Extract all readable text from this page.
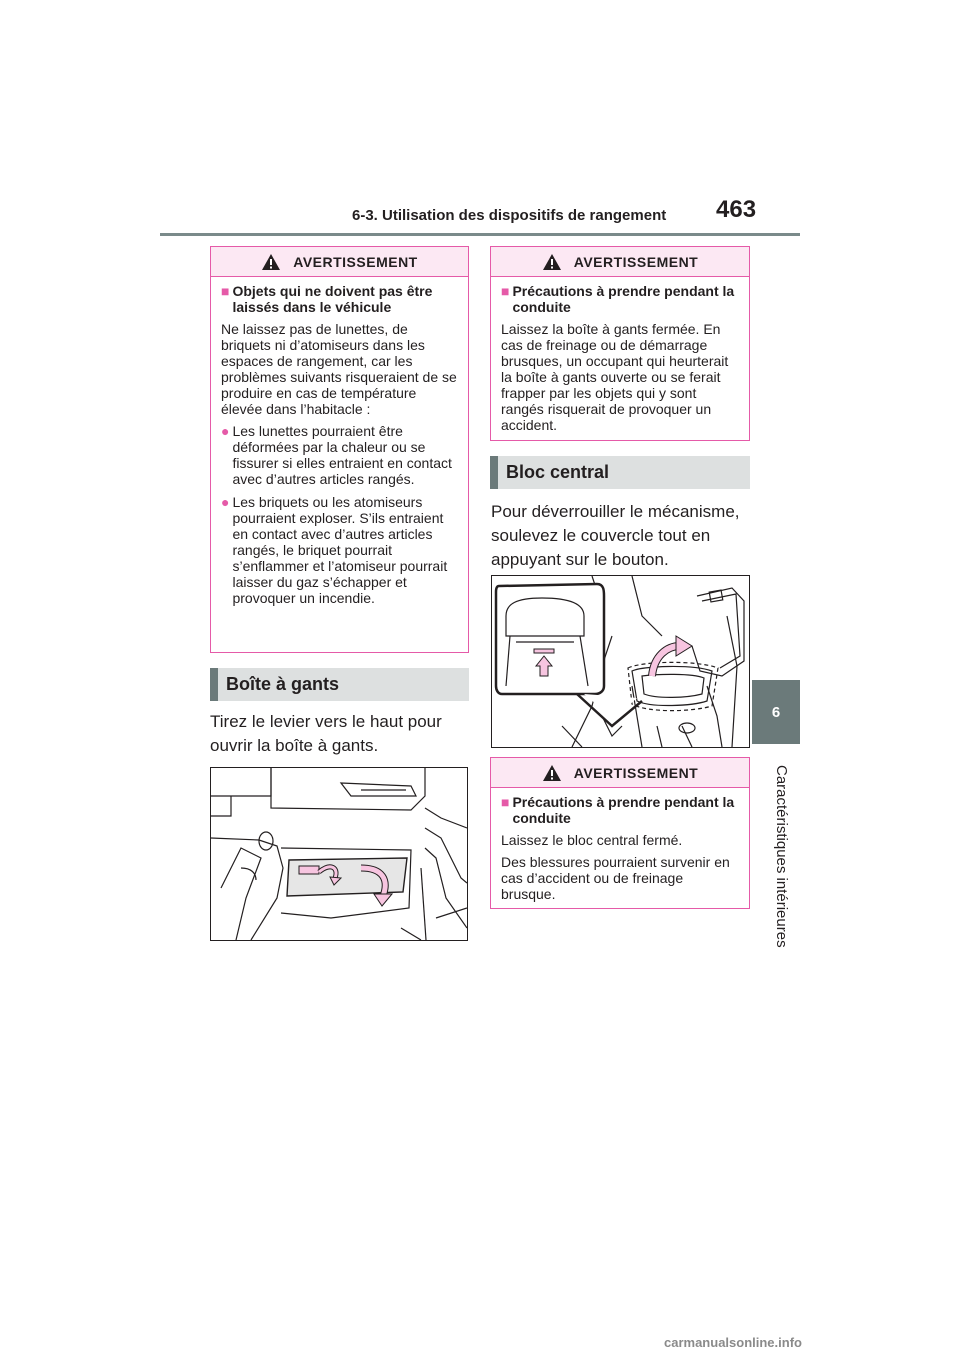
6-3. Utilisation des dispositifs de rangement 463
6
Caractéristiques intérieures
AVERTISSEMENT
■ Objets qui ne doivent pas être laissés dans le véhicule

Ne laissez pas de lunettes, de briquets ni d’atomiseurs dans les espaces de rangement, car les problèmes suivants risqueraient de se produire en cas de température élevée dans l’habitacle :

● Les lunettes pourraient être déformées par la chaleur ou se fissurer si elles entraient en contact avec d’autres articles rangés.
● Les briquets ou les atomiseurs pourraient exploser. S’ils entraient en contact avec d’autres articles rangés, le briquet pourrait s’enflammer et l’atomiseur pourrait laisser du gaz s’échapper et provoquer un incendie.
Boîte à gants
Tirez le levier vers le haut pour ouvrir la boîte à gants.
AVERTISSEMENT
■ Précautions à prendre pendant la conduite

Laissez la boîte à gants fermée. En cas de freinage ou de démarrage brusques, un occupant qui heurterait la boîte à gants ouverte ou se ferait frapper par les objets qui y sont rangés risquerait de provoquer un accident.

Bloc central
Pour déverrouiller le mécanisme, soulevez le couvercle tout en appuyant sur le bouton.
AVERTISSEMENT
■ Précautions à prendre pendant la conduite

Laissez le bloc central fermé.

Des blessures pourraient survenir en cas d’accident ou de freinage brusque.

carmanualsonline.info
